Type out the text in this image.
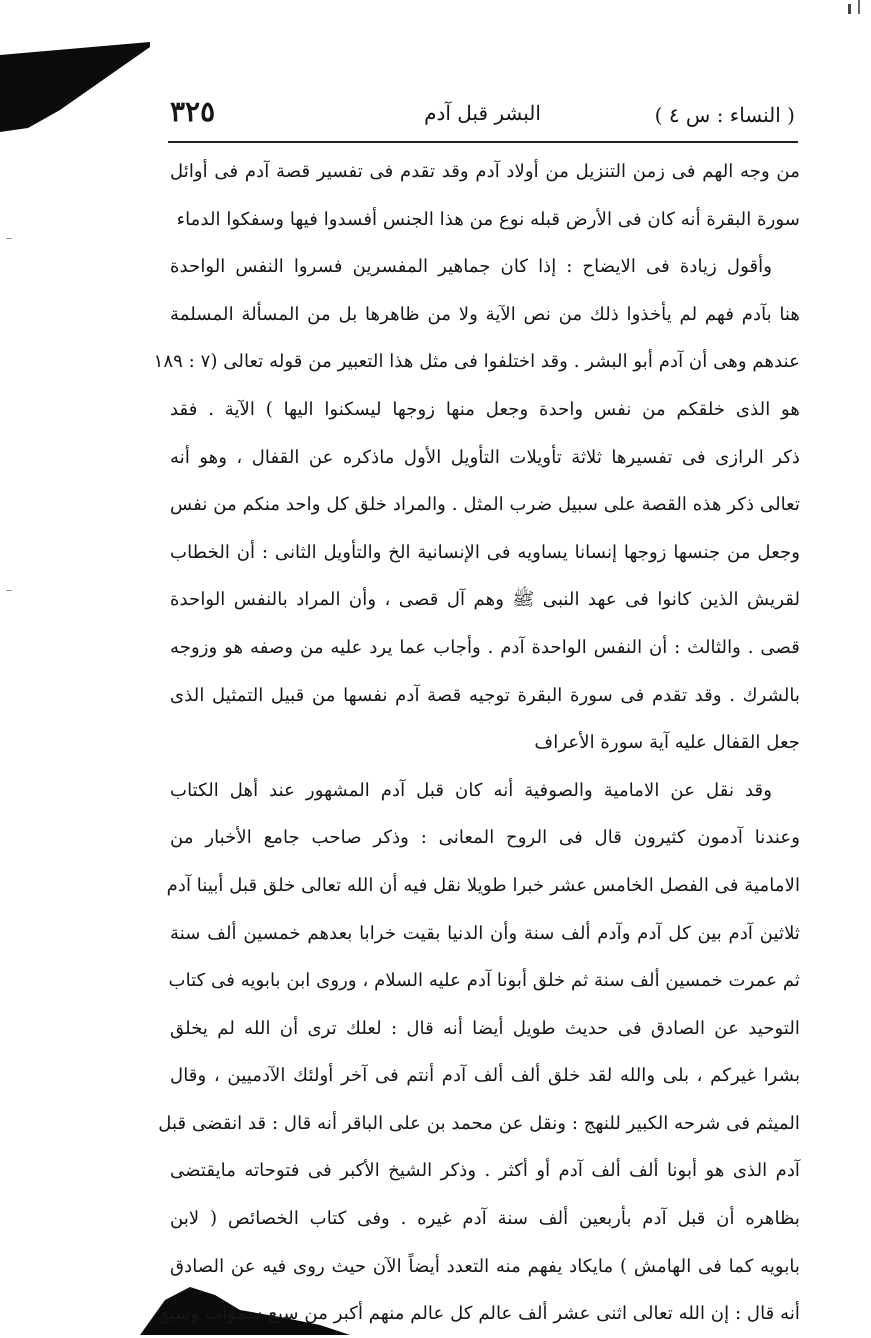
( النساء : س ٤ )
البشر قبل آدم
٣٢٥
من وجه الهم فى زمن التنزيل من أولاد آدم وقد تقدم فى تفسير قصة آدم فى أوائل
سورة البقرة أنه كان فى الأرض قبله نوع من هذا الجنس أفسدوا فيها وسفكوا الدماء
وأقول زيادة فى الايضاح : إذا كان جماهير المفسرين فسروا النفس الواحدة
هنا بآدم فهم لم يأخذوا ذلك من نص الآية ولا من ظاهرها بل من المسألة المسلمة
عندهم وهى أن آدم أبو البشر . وقد اختلفوا فى مثل هذا التعبير من قوله تعالى (٧ : ١٨٩
هو الذى خلقكم من نفس واحدة وجعل منها زوجها ليسكنوا اليها ) الآية . فقد
ذكر الرازى فى تفسيرها ثلاثة تأويلات التأويل الأول ماذكره عن القفال ، وهو أنه
تعالى ذكر هذه القصة على سبيل ضرب المثل . والمراد خلق كل واحد منكم من نفس
وجعل من جنسها زوجها إنسانا يساويه فى الإنسانية الخ والتأويل الثانى : أن الخطاب
لقريش الذين كانوا فى عهد النبى ﷺ وهم آل قصى ، وأن المراد بالنفس الواحدة
قصى . والثالث : أن النفس الواحدة آدم . وأجاب عما يرد عليه من وصفه هو وزوجه
بالشرك . وقد تقدم فى سورة البقرة توجيه قصة آدم نفسها من قبيل التمثيل الذى
جعل القفال عليه آية سورة الأعراف
وقد نقل عن الامامية والصوفية أنه كان قبل آدم المشهور عند أهل الكتاب
وعندنا آدمون كثيرون قال فى الروح المعانى : وذكر صاحب جامع الأخبار من
الامامية فى الفصل الخامس عشر خبرا طويلا نقل فيه أن الله تعالى خلق قبل أبينا آدم
ثلاثين آدم بين كل آدم وآدم ألف سنة وأن الدنيا بقيت خرابا بعدهم خمسين ألف سنة
ثم عمرت خمسين ألف سنة ثم خلق أبونا آدم عليه السلام ، وروى ابن بابويه فى كتاب
التوحيد عن الصادق فى حديث طويل أيضا أنه قال : لعلك ترى أن الله لم يخلق
بشرا غيركم ، بلى والله لقد خلق ألف ألف آدم أنتم فى آخر أولئك الآدميين ، وقال
الميثم فى شرحه الكبير للنهج : ونقل عن محمد بن على الباقر أنه قال : قد انقضى قبل
آدم الذى هو أبونا ألف ألف آدم أو أكثر . وذكر الشيخ الأكبر فى فتوحاته مايقتضى
بظاهره أن قبل آدم بأربعين ألف سنة آدم غيره . وفى كتاب الخصائص ( لابن
بابويه كما فى الهامش ) مايكاد يفهم منه التعدد أيضاً الآن حيث روى فيه عن الصادق
أنه قال : إن الله تعالى اثنى عشر ألف عالم كل عالم منهم أكبر من سبع سموات وسبع
